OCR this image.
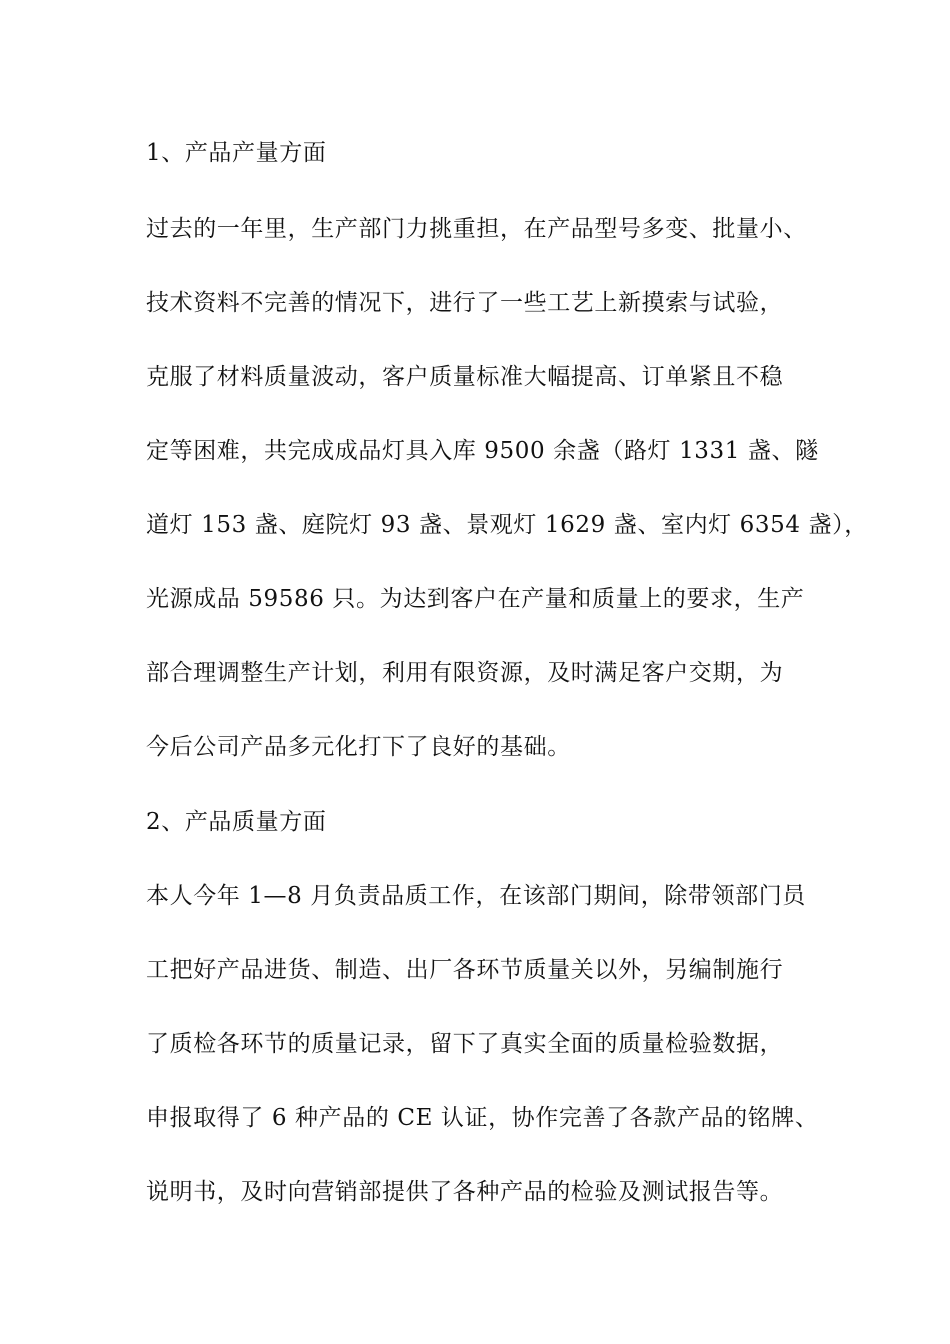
1、产品产量方面
过去的一年里，生产部门力挑重担，在产品型号多变、批量小、
技术资料不完善的情况下，进行了一些工艺上新摸索与试验，
克服了材料质量波动，客户质量标准大幅提高、订单紧且不稳
定等困难，共完成成品灯具入库 9500 余盏（路灯 1331 盏、隧
道灯 153 盏、庭院灯 93 盏、景观灯 1629 盏、室内灯 6354 盏），
光源成品 59586 只。为达到客户在产量和质量上的要求，生产
部合理调整生产计划，利用有限资源，及时满足客户交期，为
今后公司产品多元化打下了良好的基础。
2、产品质量方面
本人今年 1—8 月负责品质工作，在该部门期间，除带领部门员
工把好产品进货、制造、出厂各环节质量关以外，另编制施行
了质检各环节的质量记录，留下了真实全面的质量检验数据，
申报取得了 6 种产品的 CE 认证，协作完善了各款产品的铭牌、
说明书，及时向营销部提供了各种产品的检验及测试报告等。
